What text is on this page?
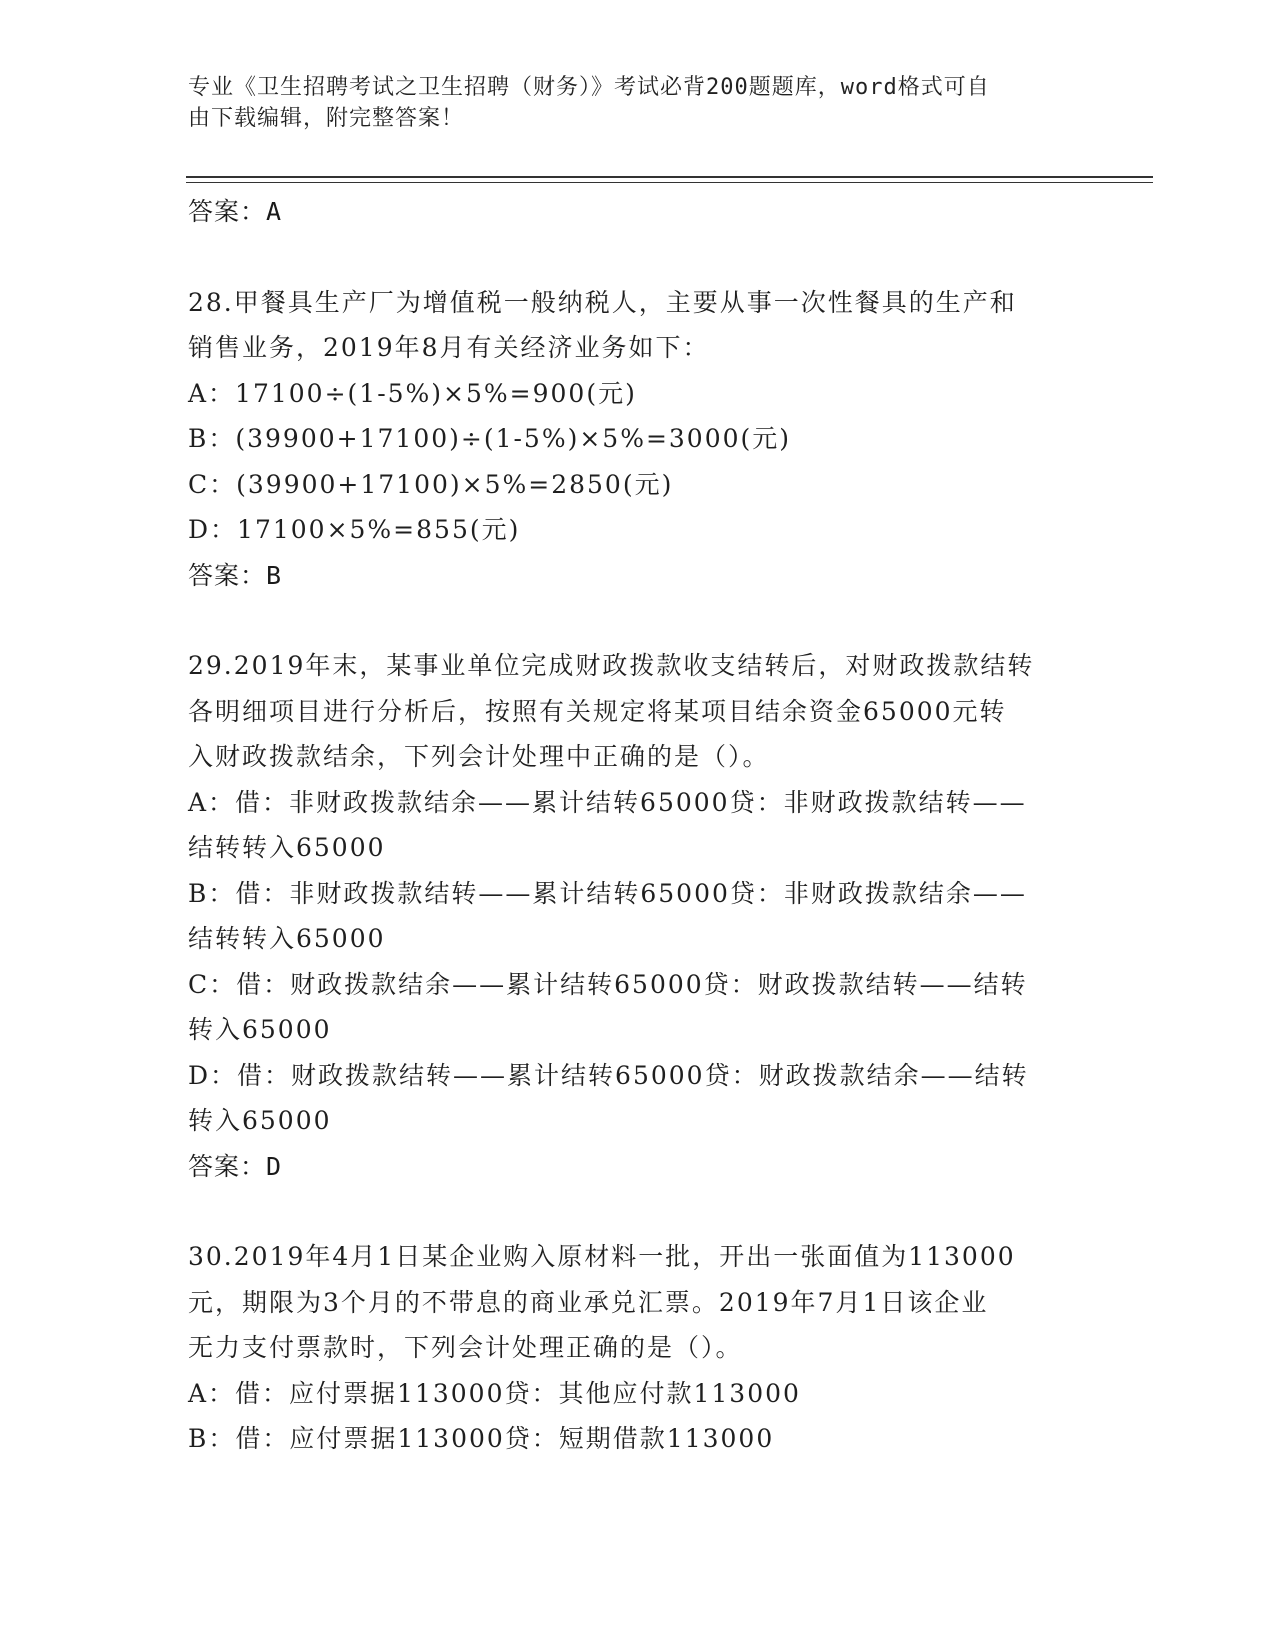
专业《卫生招聘考试之卫生招聘（财务）》考试必背200题题库，word格式可自
由下载编辑，附完整答案！
答案：A
28.甲餐具生产厂为增值税一般纳税人，主要从事一次性餐具的生产和
销售业务，2019年8月有关经济业务如下：
A：17100÷(1-5%)×5%=900(元)
B：(39900+17100)÷(1-5%)×5%=3000(元)
C：(39900+17100)×5%=2850(元)
D：17100×5%=855(元)
答案：B
29.2019年末，某事业单位完成财政拨款收支结转后，对财政拨款结转
各明细项目进行分析后，按照有关规定将某项目结余资金65000元转
入财政拨款结余，下列会计处理中正确的是（）。
A：借：非财政拨款结余——累计结转65000贷：非财政拨款结转——
结转转入65000
B：借：非财政拨款结转——累计结转65000贷：非财政拨款结余——
结转转入65000
C：借：财政拨款结余——累计结转65000贷：财政拨款结转——结转
转入65000
D：借：财政拨款结转——累计结转65000贷：财政拨款结余——结转
转入65000
答案：D
30.2019年4月1日某企业购入原材料一批，开出一张面值为113000
元，期限为3个月的不带息的商业承兑汇票。2019年7月1日该企业
无力支付票款时，下列会计处理正确的是（）。
A：借：应付票据113000贷：其他应付款113000
B：借：应付票据113000贷：短期借款113000
